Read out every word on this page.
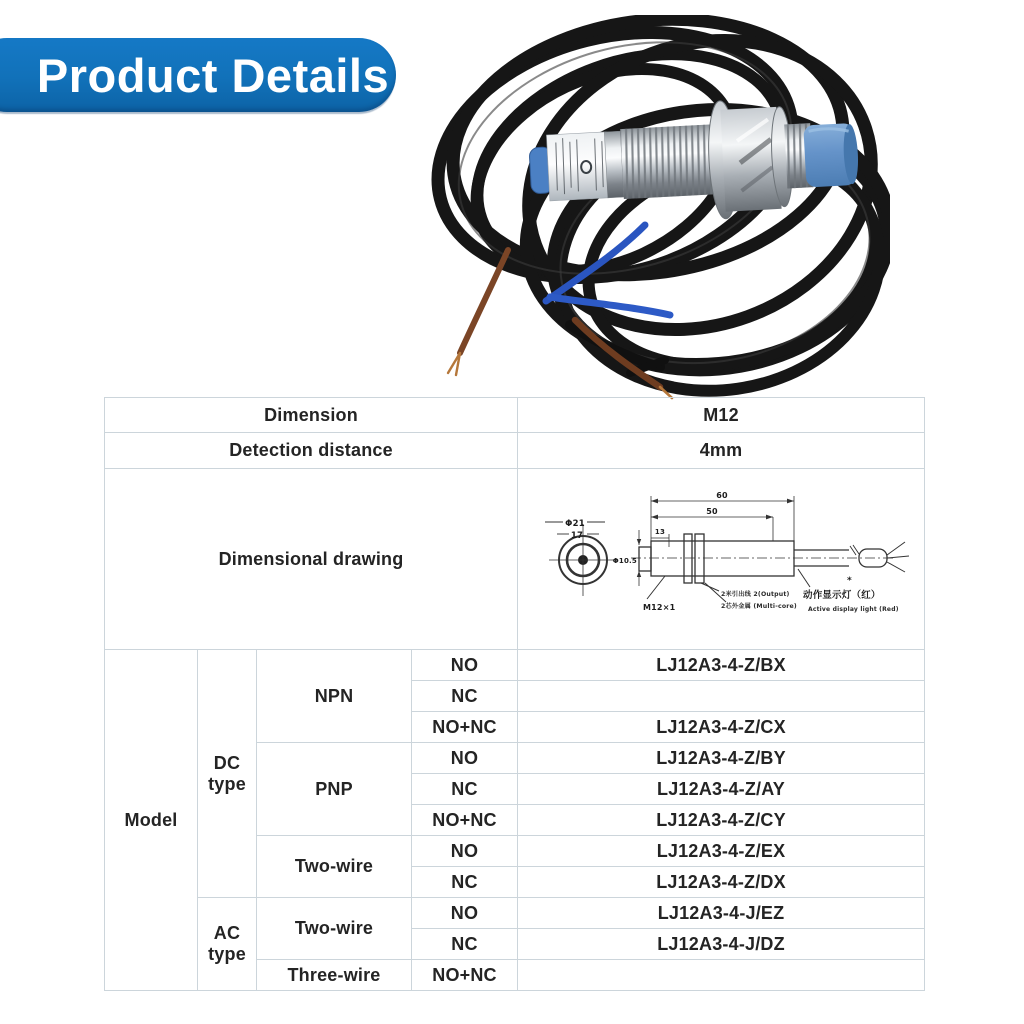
Product Details
Dimension				M12
Detection distance				4mm
Dimensional drawing	
Φ21
17
60
50
13
Φ10.5
M12×1
2米引出线 2(Output)
2芯外金属 (Multi-core)
动作显示灯（红）
Active display light (Red)
*

Model	DC type	NPN	NO	LJ12A3-4-Z/BX
			NC	
			NO+NC	LJ12A3-4-Z/CX
		PNP	NO	LJ12A3-4-Z/BY
			NC	LJ12A3-4-Z/AY
			NO+NC	LJ12A3-4-Z/CY
		Two-wire	NO	LJ12A3-4-Z/EX
			NC	LJ12A3-4-Z/DX
	AC type	Two-wire	NO	LJ12A3-4-J/EZ
			NC	LJ12A3-4-J/DZ
		Three-wire	NO+NC	
